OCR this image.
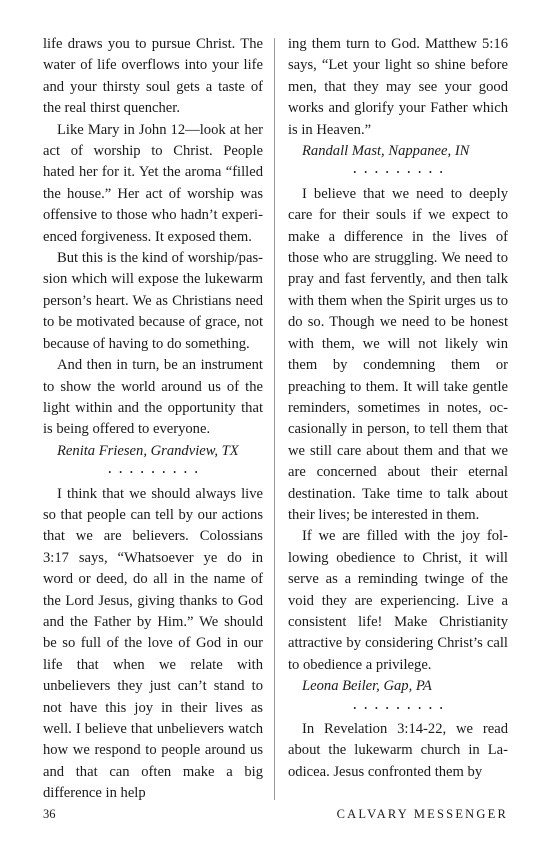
life draws you to pursue Christ. The water of life overflows into your life and your thirsty soul gets a taste of the real thirst quencher.

Like Mary in John 12—look at her act of worship to Christ. People hated her for it. Yet the aroma “filled the house.” Her act of worship was offensive to those who hadn’t experienced forgiveness. It exposed them.

But this is the kind of worship/passion which will expose the lukewarm person’s heart. We as Christians need to be motivated because of grace, not because of having to do something.

And then in turn, be an instrument to show the world around us of the light within and the opportunity that is being offered to everyone.

Renita Friesen, Grandview, TX

•••••••••

I think that we should always live so that people can tell by our actions that we are believers. Colossians 3:17 says, “Whatsoever ye do in word or deed, do all in the name of the Lord Jesus, giving thanks to God and the Father by Him.” We should be so full of the love of God in our life that when we relate with unbelievers they just can’t stand to not have this joy in their lives as well. I believe that unbelievers watch how we respond to people around us and that can often make a big difference in help

ing them turn to God. Matthew 5:16 says, “Let your light so shine before men, that they may see your good works and glorify your Father which is in Heaven.”

Randall Mast, Nappanee, IN

•••••••••

I believe that we need to deeply care for their souls if we expect to make a difference in the lives of those who are struggling. We need to pray and fast fervently, and then talk with them when the Spirit urges us to do so. Though we need to be honest with them, we will not likely win them by condemning them or preaching to them. It will take gentle reminders, sometimes in notes, occasionally in person, to tell them that we still care about them and that we are concerned about their eternal destination. Take time to talk about their lives; be interested in them.

If we are filled with the joy following obedience to Christ, it will serve as a reminding twinge of the void they are experiencing. Live a consistent life! Make Christianity attractive by considering Christ’s call to obedience a privilege.

Leona Beiler, Gap, PA

•••••••••

In Revelation 3:14-22, we read about the lukewarm church in Laodicea. Jesus confronted them by

36	CALVARY MESSENGER
